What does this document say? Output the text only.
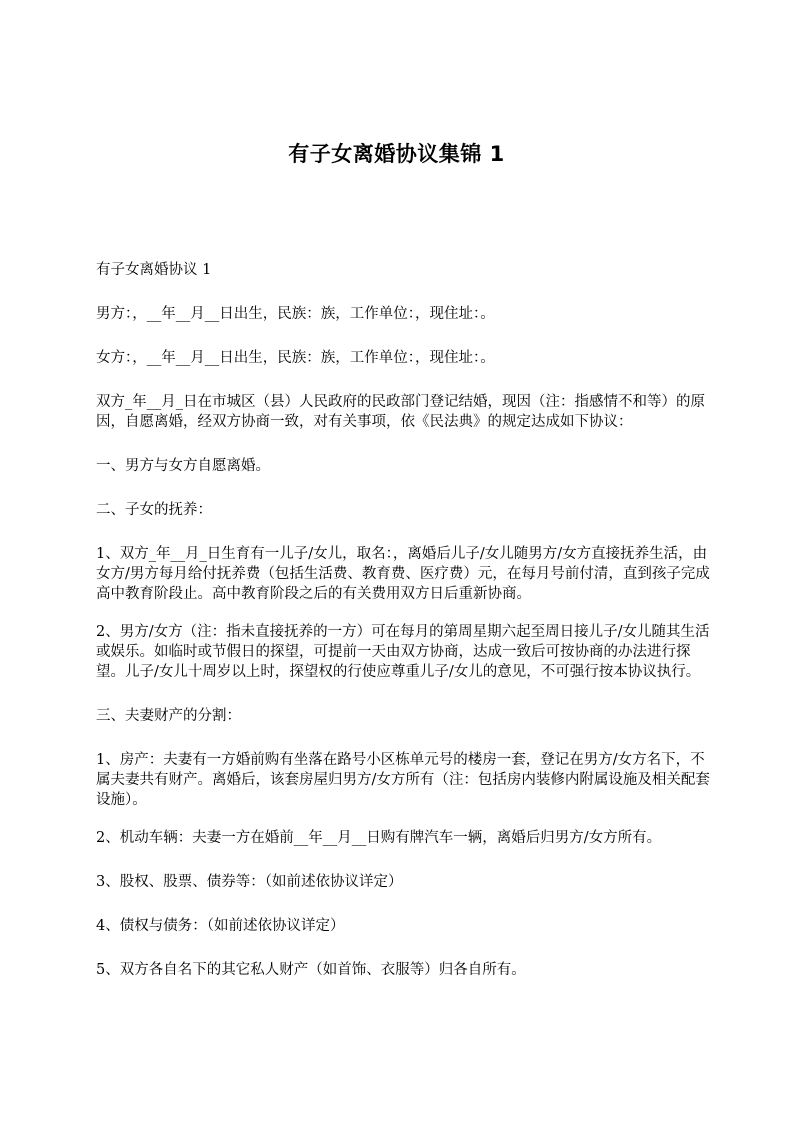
有子女离婚协议集锦 1

有子女离婚协议 1

男方：，__年__月__日出生，民族：族，工作单位：，现住址：。

女方：，__年__月__日出生，民族：族，工作单位：，现住址：。

双方_年__月_日在市城区（县）人民政府的民政部门登记结婚，现因（注：指感情不和等）的原因，自愿离婚，经双方协商一致，对有关事项，依《民法典》的规定达成如下协议：

一、男方与女方自愿离婚。

二、子女的抚养：

1、双方_年__月_日生育有一儿子/女儿，取名：，离婚后儿子/女儿随男方/女方直接抚养生活，由女方/男方每月给付抚养费（包括生活费、教育费、医疗费）元，在每月号前付清，直到孩子完成高中教育阶段止。高中教育阶段之后的有关费用双方日后重新协商。

2、男方/女方（注：指未直接抚养的一方）可在每月的第周星期六起至周日接儿子/女儿随其生活或娱乐。如临时或节假日的探望，可提前一天由双方协商，达成一致后可按协商的办法进行探望。儿子/女儿十周岁以上时，探望权的行使应尊重儿子/女儿的意见，不可强行按本协议执行。

三、夫妻财产的分割：

1、房产：夫妻有一方婚前购有坐落在路号小区栋单元号的楼房一套，登记在男方/女方名下，不属夫妻共有财产。离婚后，该套房屋归男方/女方所有（注：包括房内装修内附属设施及相关配套设施）。

2、机动车辆：夫妻一方在婚前__年__月__日购有牌汽车一辆，离婚后归男方/女方所有。

3、股权、股票、债券等：（如前述依协议详定）

4、债权与债务：（如前述依协议详定）

5、双方各自名下的其它私人财产（如首饰、衣服等）归各自所有。
